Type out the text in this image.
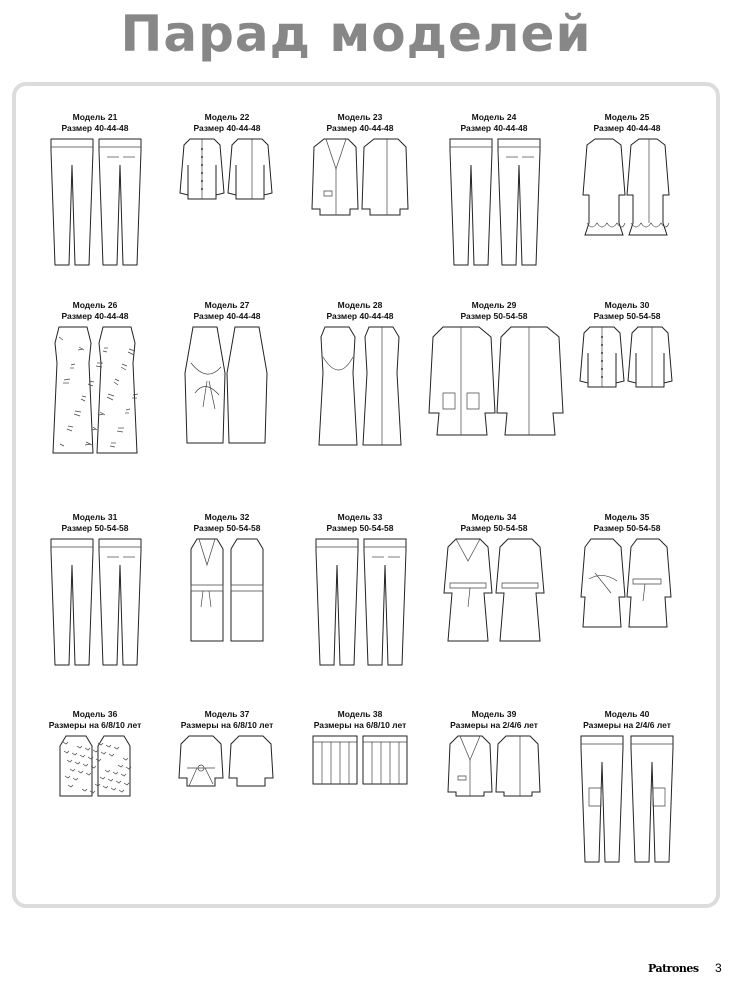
Парад моделей
Модель 21
Размер 40-44-48
Модель 22
Размер 40-44-48
Модель 23
Размер 40-44-48
Модель 24
Размер 40-44-48
Модель 25
Размер 40-44-48
Модель 26
Размер 40-44-48
Модель 27
Размер 40-44-48
Модель 28
Размер 40-44-48
Модель 29
Размер 50-54-58
Модель 30
Размер 50-54-58
Модель 31
Размер 50-54-58
Модель 32
Размер 50-54-58
Модель 33
Размер 50-54-58
Модель 34
Размер 50-54-58
Модель 35
Размер 50-54-58
Модель 36
Размеры на 6/8/10 лет
Модель 37
Размеры на 6/8/10 лет
Модель 38
Размеры на 6/8/10 лет
Модель 39
Размеры на 2/4/6 лет
Модель 40
Размеры на 2/4/6 лет
Patrones 3
